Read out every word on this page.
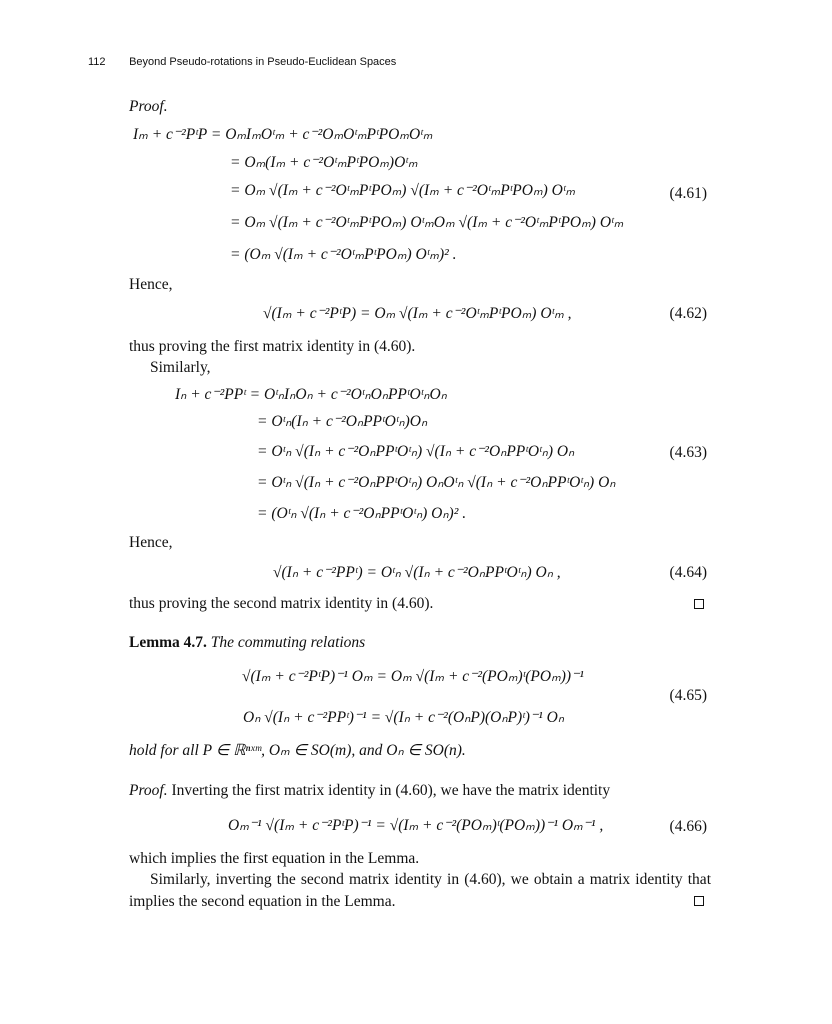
112 Beyond Pseudo-rotations in Pseudo-Euclidean Spaces
Proof.
Iₘ + c⁻²PᵗP = OₘIₘOᵗₘ + c⁻²OₘOᵗₘPᵗPOₘOᵗₘ
= Oₘ(Iₘ + c⁻²OᵗₘPᵗPOₘ)Oᵗₘ
= Oₘ √(Iₘ + c⁻²OᵗₘPᵗPOₘ) √(Iₘ + c⁻²OᵗₘPᵗPOₘ) Oᵗₘ	(4.61)
= Oₘ √(Iₘ + c⁻²OᵗₘPᵗPOₘ) OᵗₘOₘ √(Iₘ + c⁻²OᵗₘPᵗPOₘ) Oᵗₘ
= (Oₘ √(Iₘ + c⁻²OᵗₘPᵗPOₘ) Oᵗₘ)² .
Hence,
√(Iₘ + c⁻²PᵗP) = Oₘ √(Iₘ + c⁻²OᵗₘPᵗPOₘ) Oᵗₘ ,	(4.62)
thus proving the first matrix identity in (4.60).
Similarly,
Iₙ + c⁻²PPᵗ = OᵗₙIₙOₙ + c⁻²OᵗₙOₙPPᵗOᵗₙOₙ
= Oᵗₙ(Iₙ + c⁻²OₙPPᵗOᵗₙ)Oₙ
= Oᵗₙ √(Iₙ + c⁻²OₙPPᵗOᵗₙ) √(Iₙ + c⁻²OₙPPᵗOᵗₙ) Oₙ	(4.63)
= Oᵗₙ √(Iₙ + c⁻²OₙPPᵗOᵗₙ) OₙOᵗₙ √(Iₙ + c⁻²OₙPPᵗOᵗₙ) Oₙ
= (Oᵗₙ √(Iₙ + c⁻²OₙPPᵗOᵗₙ) Oₙ)² .
Hence,
√(Iₙ + c⁻²PPᵗ) = Oᵗₙ √(Iₙ + c⁻²OₙPPᵗOᵗₙ) Oₙ ,	(4.64)
thus proving the second matrix identity in (4.60).
Lemma 4.7. The commuting relations
√(Iₘ + c⁻²PᵗP)⁻¹ Oₘ = Oₘ √(Iₘ + c⁻²(POₘ)ᵗ(POₘ))⁻¹
(4.65)
Oₙ √(Iₙ + c⁻²PPᵗ)⁻¹ = √(Iₙ + c⁻²(OₙP)(OₙP)ᵗ)⁻¹ Oₙ
hold for all P ∈ ℝⁿˣᵐ, Oₘ ∈ SO(m), and Oₙ ∈ SO(n).
Proof. Inverting the first matrix identity in (4.60), we have the matrix identity
Oₘ⁻¹ √(Iₘ + c⁻²PᵗP)⁻¹ = √(Iₘ + c⁻²(POₘ)ᵗ(POₘ))⁻¹ Oₘ⁻¹ ,	(4.66)
which implies the first equation in the Lemma.
Similarly, inverting the second matrix identity in (4.60), we obtain a matrix identity that implies the second equation in the Lemma.
